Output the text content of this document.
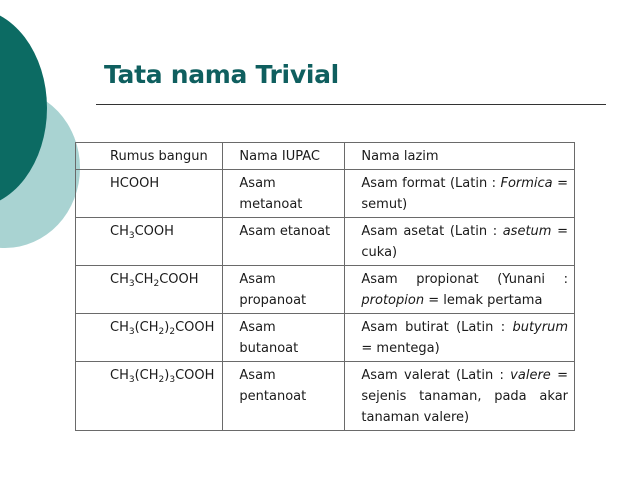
Tata nama Trivial
Rumus bangun	Nama IUPAC	Nama lazim
HCOOH	Asam metanoat	Asam format (Latin : Formica = semut)
$CH_3COOH$	Asam etanoat	Asam asetat (Latin : asetum = cuka)
$CH_3CH_2COOH$	Asam propanoat	Asam propionat (Yunani : protopion = lemak pertama
$CH_3(CH_2)_2COOH$	Asam butanoat	Asam butirat (Latin : butyrum = mentega)
$CH_3(CH_2)_3COOH$	Asam pentanoat	Asam valerat (Latin : valere = sejenis tanaman, pada akar tanaman valere)
